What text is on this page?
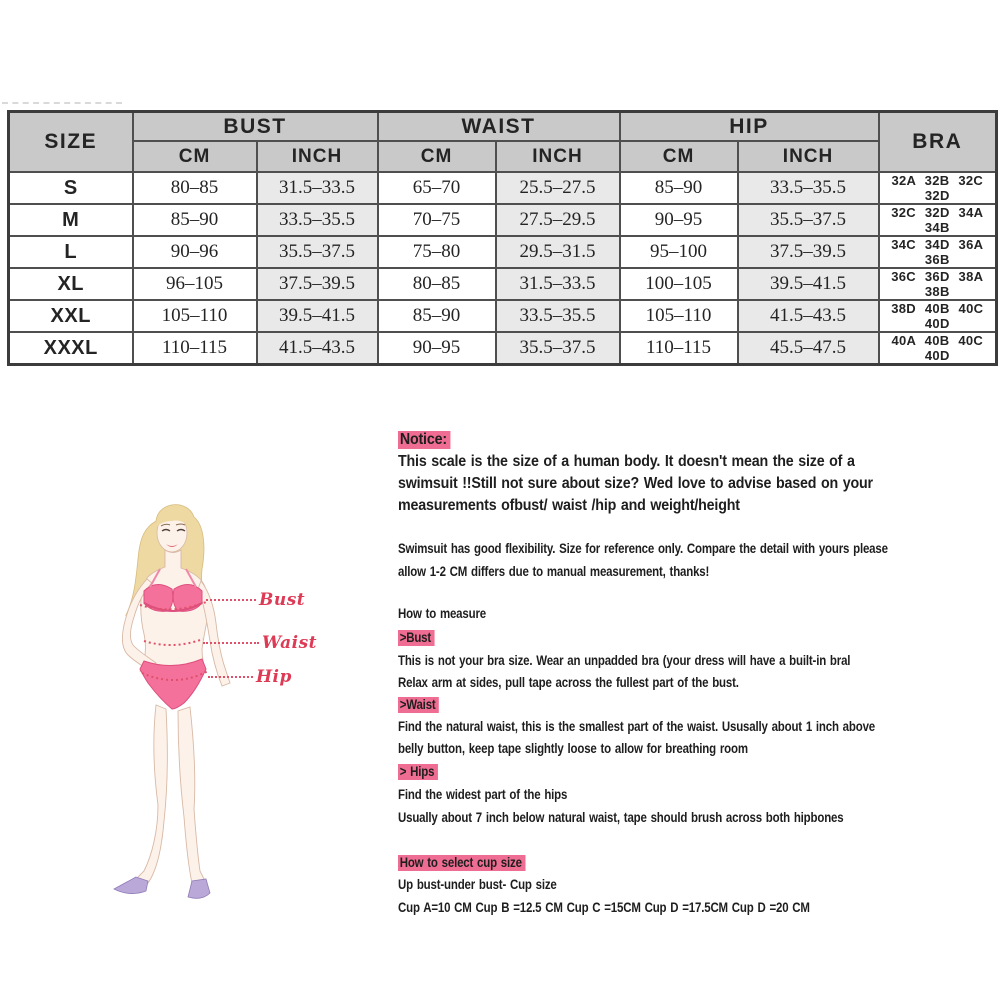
SIZE	BUST		WAIST		HIP		BRA
	CM	INCH	CM	INCH	CM	INCH	
S	80–85	31.5–33.5	65–70	25.5–27.5	85–90	33.5–35.5	32A 32B 32C 32D
M	85–90	33.5–35.5	70–75	27.5–29.5	90–95	35.5–37.5	32C 32D 34A 34B
L	90–96	35.5–37.5	75–80	29.5–31.5	95–100	37.5–39.5	34C 34D 36A 36B
XL	96–105	37.5–39.5	80–85	31.5–33.5	100–105	39.5–41.5	36C 36D 38A 38B
XXL	105–110	39.5–41.5	85–90	33.5–35.5	105–110	41.5–43.5	38D 40B 40C 40D
XXXL	110–115	41.5–43.5	90–95	35.5–37.5	110–115	45.5–47.5	40A 40B 40C 40D
Bust
Waist
Hip
Notice:
This scale is the size of a human body. It doesn't mean the size of a
swimsuit !!Still not sure about size? Wed love to advise based on your
measurements ofbust/ waist /hip and weight/height
Swimsuit has good flexibility. Size for reference only. Compare the detail with yours please
allow 1-2 CM differs due to manual measurement, thanks!
How to measure
>Bust
This is not your bra size. Wear an unpadded bra (your dress will have a built-in bral
Relax arm at sides, pull tape across the fullest part of the bust.
>Waist
Find the natural waist, this is the smallest part of the waist. Ususally about 1 inch above
belly button, keep tape slightly loose to allow for breathing room
> Hips
Find the widest part of the hips
Usually about 7 inch below natural waist, tape should brush across both hipbones
How to select cup size
Up bust-under bust- Cup size
Cup A=10 CM Cup B =12.5 CM Cup C =15CM Cup D =17.5CM Cup D =20 CM
